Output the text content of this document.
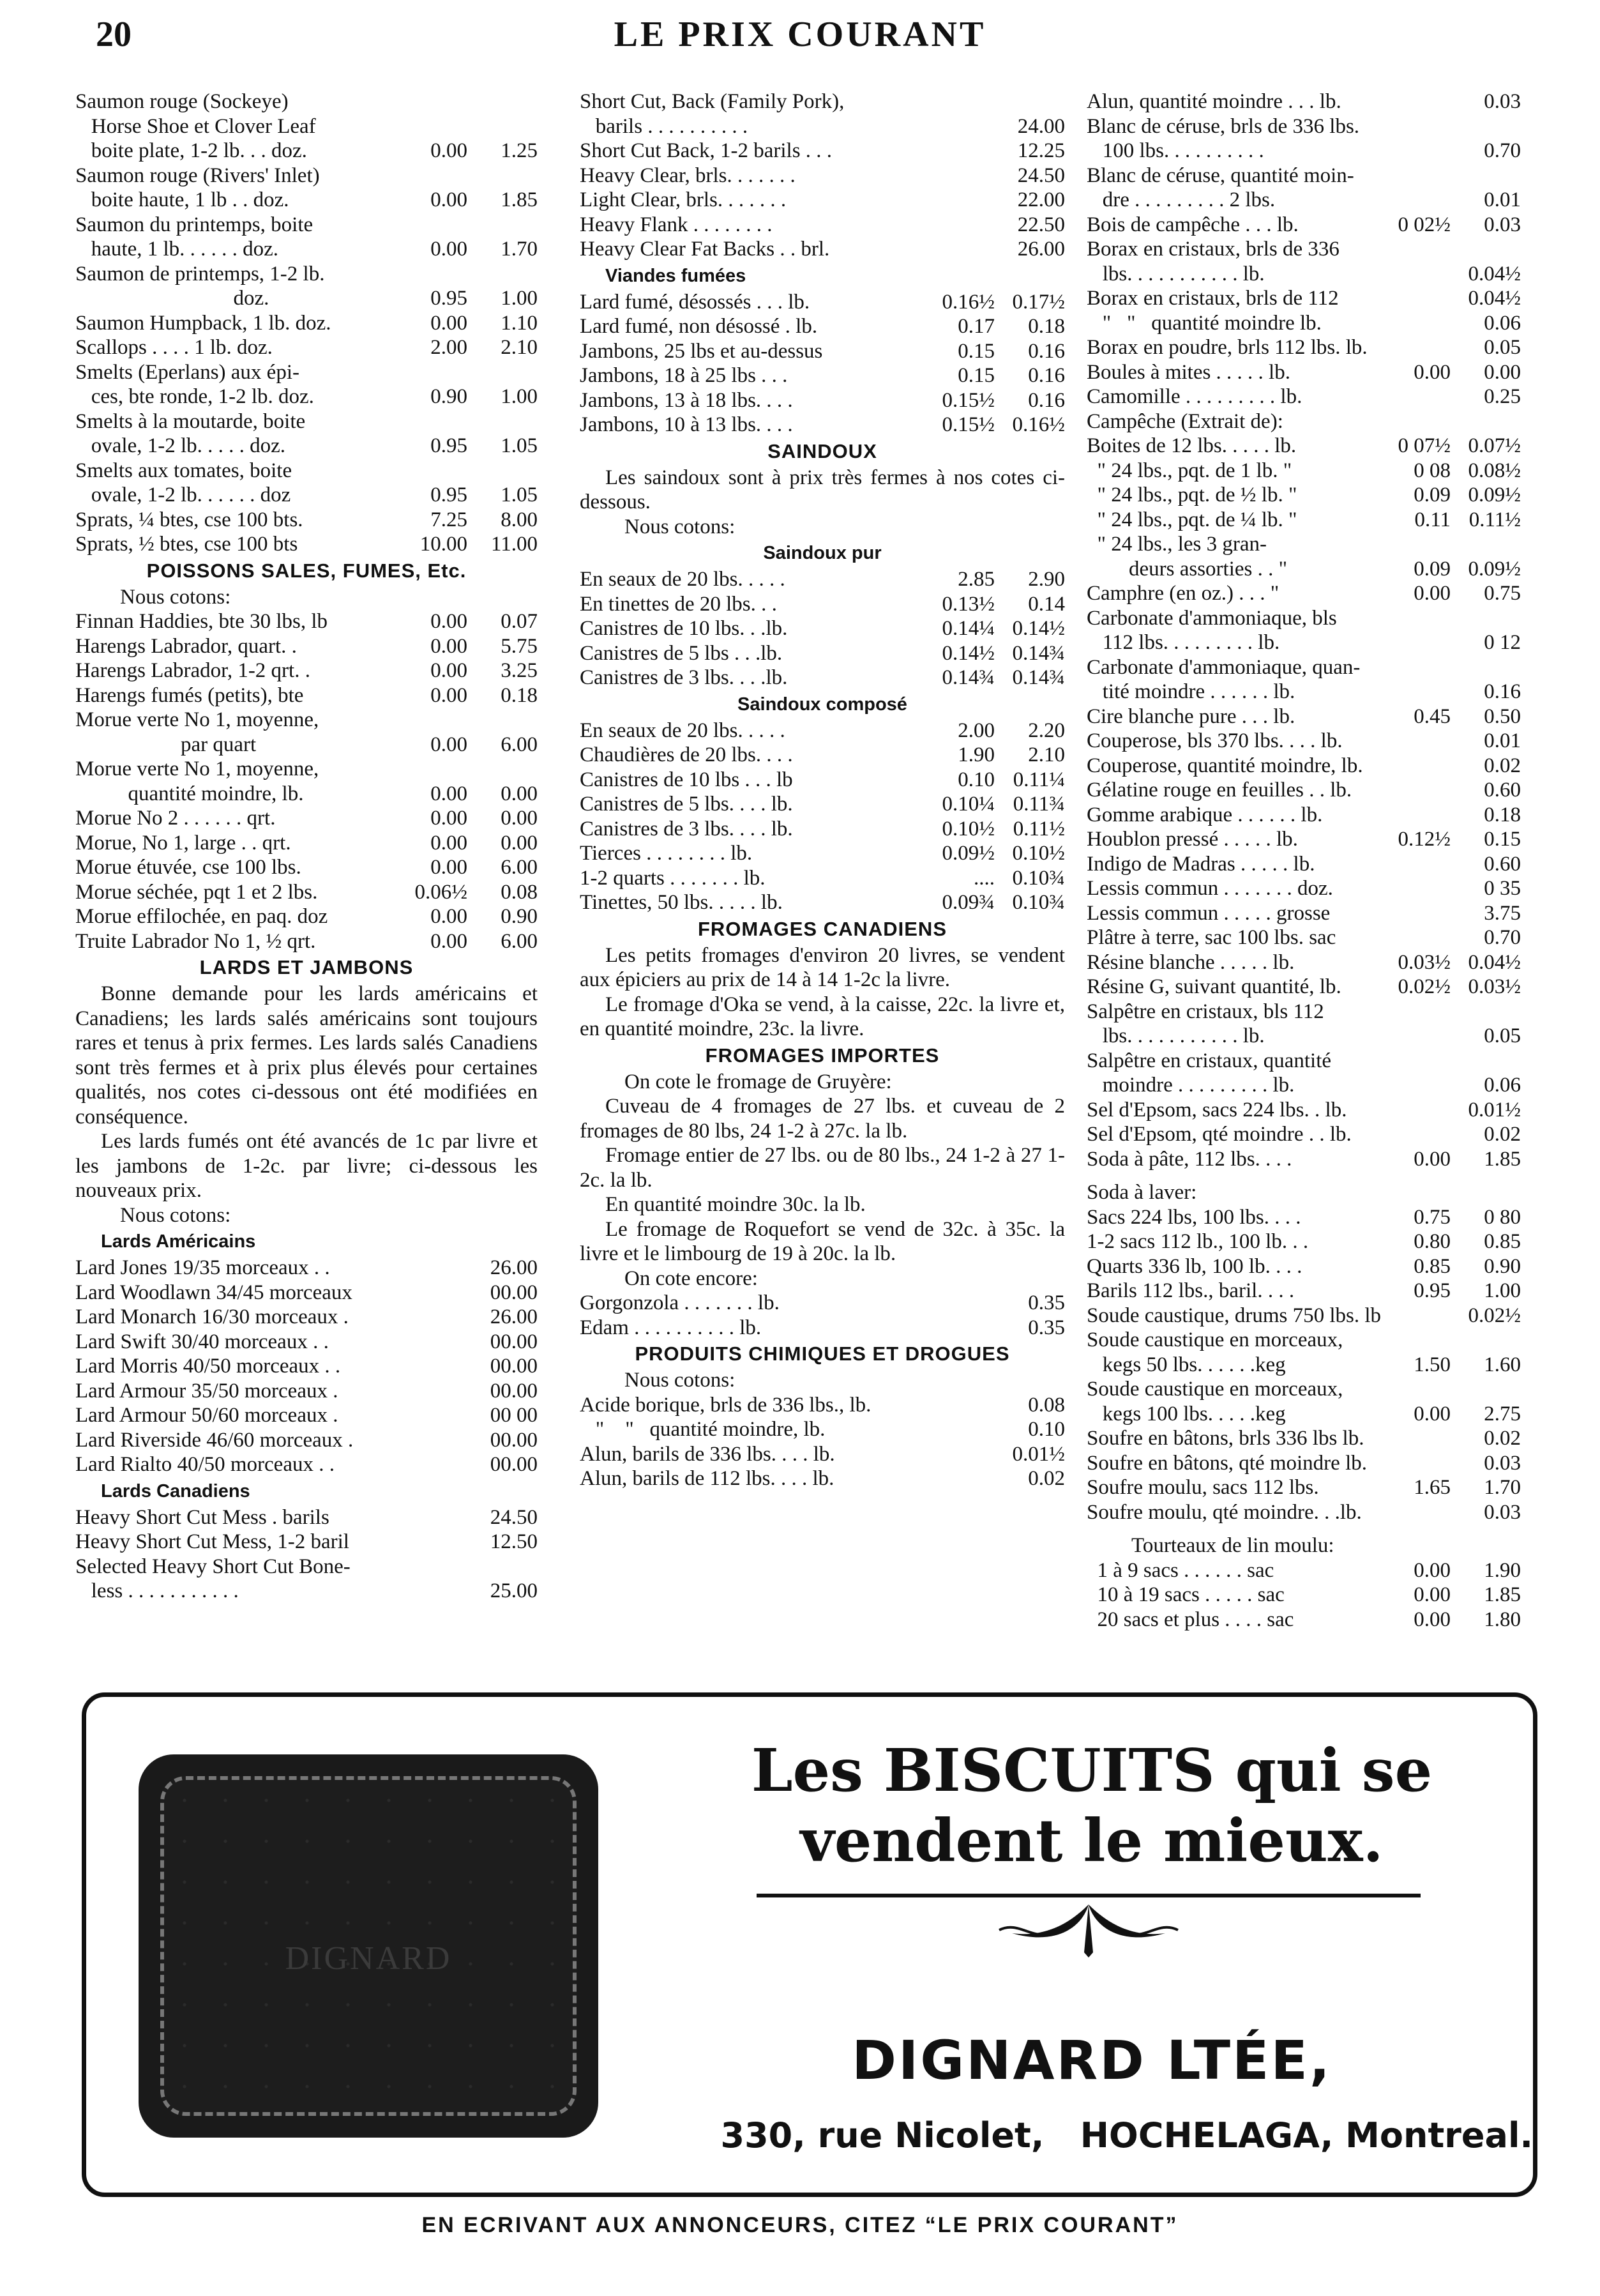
20	LE PRIX COURANT
Saumon rouge (Sockeye)
Horse Shoe et Clover Leaf
boite plate, 1-2 lb. . . doz.	0.00	1.25
Saumon rouge (Rivers' Inlet)
boite haute, 1 lb . . doz.	0.00	1.85
Saumon du printemps, boite
haute, 1 lb. . . . . . doz.	0.00	1.70
Saumon de printemps, 1-2 lb.
doz.	0.95	1.00
Saumon Humpback, 1 lb. doz.	0.00	1.10
Scallops . . . . 1 lb. doz.	2.00	2.10
Smelts (Eperlans) aux épi-
ces, bte ronde, 1-2 lb. doz.	0.90	1.00
Smelts à la moutarde, boite
ovale, 1-2 lb. . . . . doz.	0.95	1.05
Smelts aux tomates, boite
ovale, 1-2 lb. . . . . . doz	0.95	1.05
Sprats, ¼ btes, cse 100 bts.	7.25	8.00
Sprats, ½ btes, cse 100 bts	10.00	11.00
POISSONS SALES, FUMES, Etc.
Nous cotons:
Finnan Haddies, bte 30 lbs, lb	0.00	0.07
Harengs Labrador, quart. .	0.00	5.75
Harengs Labrador, 1-2 qrt. .	0.00	3.25
Harengs fumés (petits), bte	0.00	0.18
Morue verte No 1, moyenne,
par quart	0.00	6.00
Morue verte No 1, moyenne,
quantité moindre, lb.	0.00	0.00
Morue No 2 . . . . . . qrt.	0.00	0.00
Morue, No 1, large . . qrt.	0.00	0.00
Morue étuvée, cse 100 lbs.	0.00	6.00
Morue séchée, pqt 1 et 2 lbs.	0.06½	0.08
Morue effilochée, en paq. doz	0.00	0.90
Truite Labrador No 1, ½ qrt.	0.00	6.00
LARDS ET JAMBONS
Bonne demande pour les lards américains et Canadiens; les lards salés américains sont toujours rares et tenus à prix fermes. Les lards salés Canadiens sont très fermes et à prix plus élevés pour certaines qualités, nos cotes ci-dessous ont été modifiées en conséquence.
Les lards fumés ont été avancés de 1c par livre et les jambons de 1-2c. par livre; ci-dessous les nouveaux prix.
Nous cotons:
Lards Américains
Lard Jones 19/35 morceaux . .	26.00
Lard Woodlawn 34/45 morceaux	00.00
Lard Monarch 16/30 morceaux .	26.00
Lard Swift 30/40 morceaux . .	00.00
Lard Morris 40/50 morceaux . .	00.00
Lard Armour 35/50 morceaux .	00.00
Lard Armour 50/60 morceaux .	00 00
Lard Riverside 46/60 morceaux .	00.00
Lard Rialto 40/50 morceaux . .	00.00
Lards Canadiens
Heavy Short Cut Mess . barils	24.50
Heavy Short Cut Mess, 1-2 baril	12.50
Selected Heavy Short Cut Bone-
less . . . . . . . . . . .	25.00
Short Cut, Back (Family Pork),
barils . . . . . . . . . .	24.00
Short Cut Back, 1-2 barils . . .	12.25
Heavy Clear, brls. . . . . . .	24.50
Light Clear, brls. . . . . . .	22.00
Heavy Flank . . . . . . . .	22.50
Heavy Clear Fat Backs . . brl.	26.00
Viandes fumées
Lard fumé, désossés . . . lb.	0.16½ 0.17½
Lard fumé, non désossé . lb.	0.17	0.18
Jambons, 25 lbs et au-dessus	0.15	0.16
Jambons, 18 à 25 lbs . . .	0.15	0.16
Jambons, 13 à 18 lbs. . . .	0.15½	0.16
Jambons, 10 à 13 lbs. . . .	0.15½ 0.16½
SAINDOUX
Les saindoux sont à prix très fermes à nos cotes ci-dessous.
Nous cotons:
Saindoux pur
En seaux de 20 lbs. . . . .	2.85	2.90
En tinettes de 20 lbs. . .	0.13½	0.14
Canistres de 10 lbs. . .lb.	0.14¼ 0.14½
Canistres de 5 lbs . . .lb.	0.14½ 0.14¾
Canistres de 3 lbs. . . .lb.	0.14¾ 0.14¾
Saindoux composé
En seaux de 20 lbs. . . . .	2.00	2.20
Chaudières de 20 lbs. . . .	1.90	2.10
Canistres de 10 lbs . . . lb	0.10 0.11¼
Canistres de 5 lbs. . . . lb.	0.10¼ 0.11¾
Canistres de 3 lbs. . . . lb.	0.10½ 0.11½
Tierces . . . . . . . . lb.	0.09½ 0.10½
1-2 quarts . . . . . . . lb.	.... 0.10¾
Tinettes, 50 lbs. . . . . lb.	0.09¾ 0.10¾
FROMAGES CANADIENS
Les petits fromages d'environ 20 livres, se vendent aux épiciers au prix de 14 à 14 1-2c la livre.
Le fromage d'Oka se vend, à la caisse, 22c. la livre et, en quantité moindre, 23c. la livre.
FROMAGES IMPORTES
On cote le fromage de Gruyère:
Cuveau de 4 fromages de 27 lbs. et cuveau de 2 fromages de 80 lbs, 24 1-2 à 27c. la lb.
Fromage entier de 27 lbs. ou de 80 lbs., 24 1-2 à 27 1-2c. la lb.
En quantité moindre 30c. la lb.
Le fromage de Roquefort se vend de 32c. à 35c. la livre et le limbourg de 19 à 20c. la lb.
On cote encore:
Gorgonzola . . . . . . . lb.	0.35
Edam . . . . . . . . . . lb.	0.35
PRODUITS CHIMIQUES ET DROGUES
Nous cotons:
Acide borique, brls de 336 lbs., lb.	0.08
"    "   quantité moindre, lb.	0.10
Alun, barils de 336 lbs. . . . lb.	0.01½
Alun, barils de 112 lbs. . . . lb.	0.02
Alun, quantité moindre . . . lb.	0.03
Blanc de céruse, brls de 336 lbs.
100 lbs. . . . . . . . . .	0.70
Blanc de céruse, quantité moin-
dre . . . . . . . . . 2 lbs.	0.01
Bois de campêche . . . lb.	0 02½	0.03
Borax en cristaux, brls de 336
lbs. . . . . . . . . . . lb.	0.04½
Borax en cristaux, brls de 112	0.04½
"   "   quantité moindre lb.	0.06
Borax en poudre, brls 112 lbs. lb.	0.05
Boules à mites . . . . . lb.	0.00	0.00
Camomille . . . . . . . . . lb.	0.25
Campêche (Extrait de):
Boites de 12 lbs. . . . . lb.	0 07½ 0.07½
" 24 lbs., pqt. de 1 lb. "	0 08 0.08½
" 24 lbs., pqt. de ½ lb. "	0.09 0.09½
" 24 lbs., pqt. de ¼ lb. "	0.11 0.11½
" 24 lbs., les 3 gran-
deurs assorties . . "	0.09 0.09½
Camphre (en oz.) . . . "	0.00	0.75
Carbonate d'ammoniaque, bls
112 lbs. . . . . . . . . lb.	0 12
Carbonate d'ammoniaque, quan-
tité moindre . . . . . . lb.	0.16
Cire blanche pure . . . lb.	0.45	0.50
Couperose, bls 370 lbs. . . . lb.	0.01
Couperose, quantité moindre, lb.	0.02
Gélatine rouge en feuilles . . lb.	0.60
Gomme arabique . . . . . . lb.	0.18
Houblon pressé . . . . . lb.	0.12½	0.15
Indigo de Madras . . . . . lb.	0.60
Lessis commun . . . . . . . doz.	0 35
Lessis commun . . . . . grosse	3.75
Plâtre à terre, sac 100 lbs. sac	0.70
Résine blanche . . . . . lb.	0.03½ 0.04½
Résine G, suivant quantité, lb.	0.02½ 0.03½
Salpêtre en cristaux, bls 112
lbs. . . . . . . . . . . lb.	0.05
Salpêtre en cristaux, quantité
moindre . . . . . . . . . lb.	0.06
Sel d'Epsom, sacs 224 lbs. . lb.	0.01½
Sel d'Epsom, qté moindre . . lb.	0.02
Soda à pâte, 112 lbs. . . .	0.00	1.85
Soda à laver:
Sacs 224 lbs, 100 lbs. . . .	0.75	0 80
1-2 sacs 112 lb., 100 lb. . .	0.80	0.85
Quarts 336 lb, 100 lb. . . .	0.85	0.90
Barils 112 lbs., baril. . . .	0.95	1.00
Soude caustique, drums 750 lbs. lb	0.02½
Soude caustique en morceaux,
kegs 50 lbs. . . . . .keg	1.50	1.60
Soude caustique en morceaux,
kegs 100 lbs. . . . .keg	0.00	2.75
Soufre en bâtons, brls 336 lbs lb.	0.02
Soufre en bâtons, qté moindre lb.	0.03
Soufre moulu, sacs 112 lbs.	1.65	1.70
Soufre moulu, qté moindre. . .lb.	0.03
Tourteaux de lin moulu:
1 à 9 sacs . . . . . . sac	0.00	1.90
10 à 19 sacs . . . . . sac	0.00	1.85
20 sacs et plus . . . . sac	0.00	1.80
DIGNARD
Les BISCUITS qui se
vendent le mieux.
DIGNARD LTÉE,
330, rue Nicolet,   HOCHELAGA, Montreal.
EN ECRIVANT AUX ANNONCEURS, CITEZ “LE PRIX COURANT”
